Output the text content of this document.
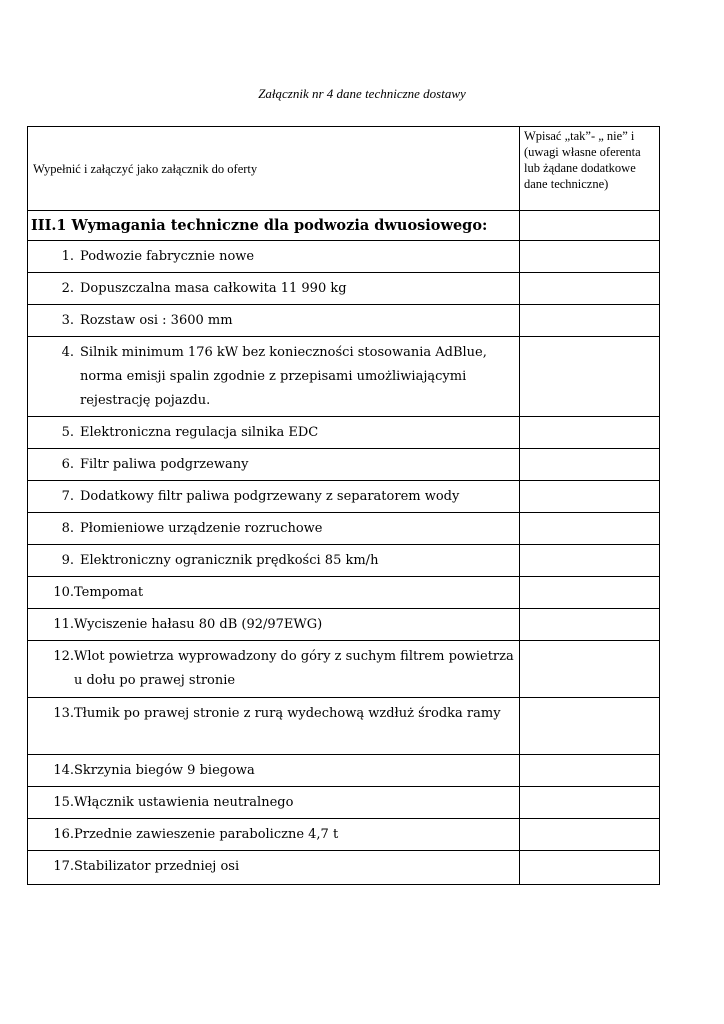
Załącznik nr 4 dane techniczne dostawy
Wypełnić i załączyć jako załącznik do oferty	Wpisać „tak”- „ nie” i (uwagi własne oferenta lub żądane dodatkowe dane techniczne)
III.1 Wymagania techniczne dla podwozia dwuosiowego:	

1. Podwozie fabrycznie nowe	

2. Dopuszczalna masa całkowita 11 990 kg	

3. Rozstaw osi : 3600 mm	

4. Silnik minimum 176 kW bez konieczności stosowania AdBlue, norma emisji spalin zgodnie z przepisami umożliwiającymi rejestrację pojazdu.	

5. Elektroniczna regulacja silnika EDC	

6. Filtr paliwa podgrzewany	

7. Dodatkowy filtr paliwa podgrzewany z separatorem wody	

8. Płomieniowe urządzenie rozruchowe	

9. Elektroniczny ogranicznik prędkości 85 km/h	

10. Tempomat	

11. Wyciszenie hałasu 80 dB (92/97EWG)	

12. Wlot powietrza wyprowadzony do góry z suchym filtrem powietrza u dołu po prawej stronie	

13. Tłumik po prawej stronie z rurą wydechową wzdłuż środka ramy	

14. Skrzynia biegów 9 biegowa	

15. Włącznik ustawienia neutralnego	

16. Przednie zawieszenie paraboliczne 4,7 t	

17. Stabilizator przedniej osi	
